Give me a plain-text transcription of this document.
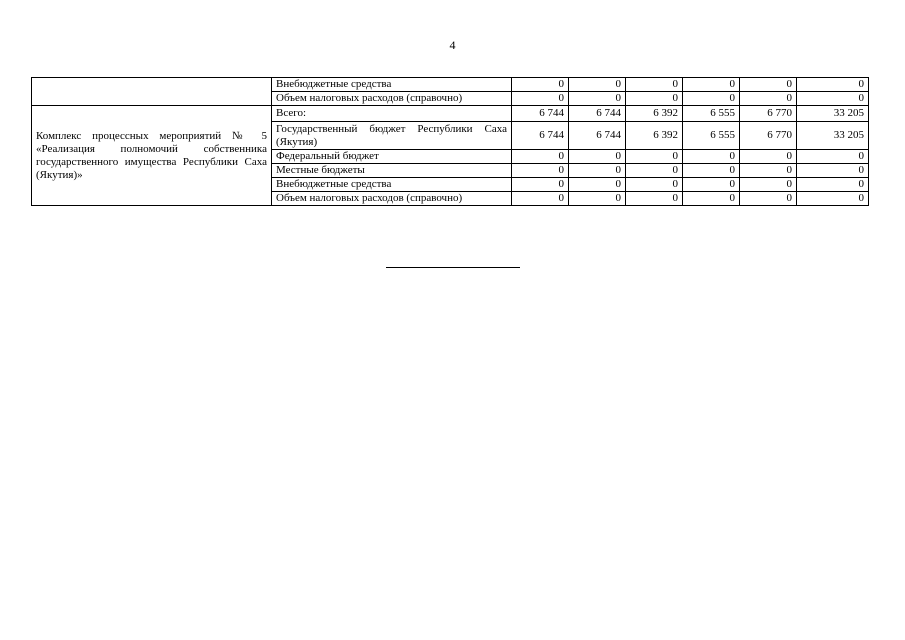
4
	Внебюджетные средства	0	0	0	0	0	0
	Объем налоговых расходов (справочно)	0	0	0	0	0	0
Комплекс процессных мероприятий № 5 «Реализация полномочий собственника государственного имущества Республики Саха (Якутия)»	Всего:	6 744	6 744	6 392	6 555	6 770	33 205
	Государственный бюджет Республики Саха (Якутия)	6 744	6 744	6 392	6 555	6 770	33 205
	Федеральный бюджет	0	0	0	0	0	0
	Местные бюджеты	0	0	0	0	0	0
	Внебюджетные средства	0	0	0	0	0	0
	Объем налоговых расходов (справочно)	0	0	0	0	0	0
